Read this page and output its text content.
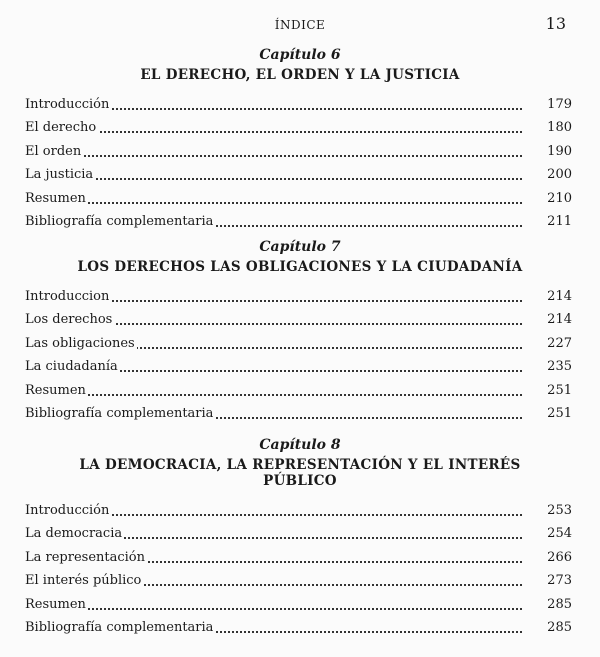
ÍNDICE	13
Capítulo 6
EL DERECHO, EL ORDEN Y LA JUSTICIA
Introducción	179
El derecho	180
El orden	190
La justicia	200
Resumen	210
Bibliografía complementaria	211
Capítulo 7
LOS DERECHOS LAS OBLIGACIONES Y LA CIUDADANÍA
Introduccion	214
Los derechos	214
Las obligaciones	227
La ciudadanía	235
Resumen	251
Bibliografía complementaria	251
Capítulo 8
LA DEMOCRACIA, LA REPRESENTACIÓN Y EL INTERÉS PÚBLICO
Introducción	253
La democracia	254
La representación	266
El interés público	273
Resumen	285
Bibliografía complementaria	285
